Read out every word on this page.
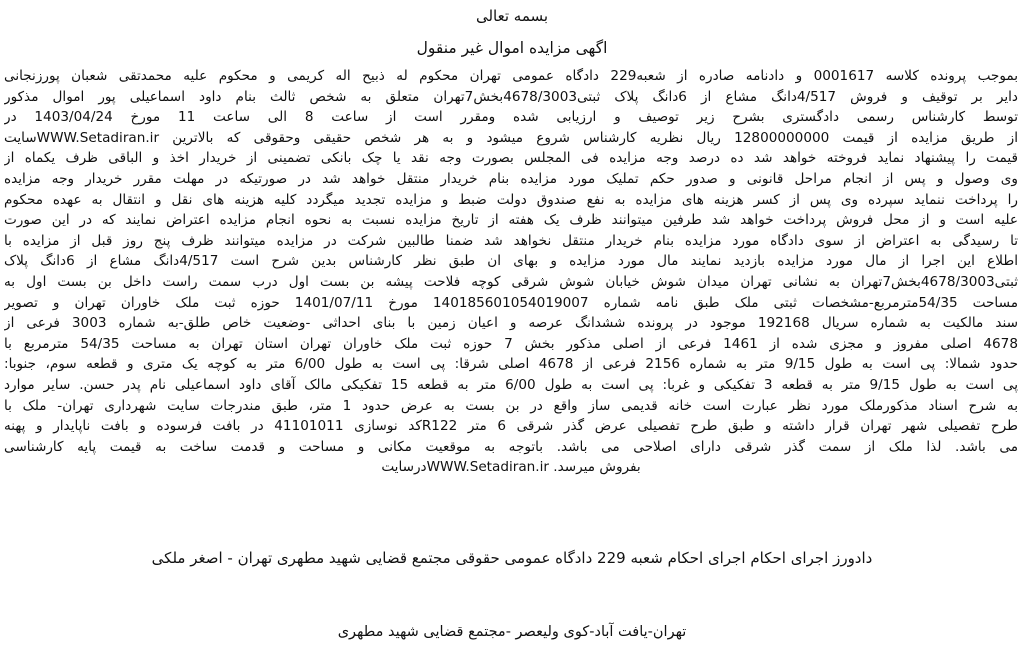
بسمه تعالی
اگهی مزایده اموال غیر منقول
بموجب پرونده کلاسه 0001617 و دادنامه صادره از شعبه229 دادگاه عمومی تهران محکوم له ذبیح اله کریمی و محکوم علیه محمدتقی شعبان پورزنجانی
دایر بر توقیف و فروش 4/517دانگ مشاع از 6دانگ پلاک ثبتی4678/3003بخش7تهران متعلق به شخص ثالث بنام داود اسماعیلی پور اموال مذکور
توسط کارشناس رسمی دادگستری بشرح زیر توصیف و ارزیابی شده ومقرر است از ساعت 8 الی ساعت 11 مورخ 1403/04/24 در
از طریق مزایده از قیمت 12800000000 ریال نظریه کارشناس شروع میشود و به هر شخص حقیقی وحقوقی که بالاترین WWW.Setadiran.irسایت
قیمت را پیشنهاد نماید فروخته خواهد شد ده درصد وجه مزایده فی المجلس بصورت وجه نقد یا چک بانکی تضمینی از خریدار اخذ و الباقی ظرف یکماه از
وی وصول و پس از انجام مراحل قانونی و صدور حکم تملیک مورد مزایده بنام خریدار منتقل خواهد شد در صورتیکه در مهلت مقرر خریدار وجه مزایده
را پرداخت ننماید سپرده وی پس از کسر هزینه های مزایده به نفع صندوق دولت ضبط و مزایده تجدید میگردد کلیه هزینه های نقل و انتقال به عهده محکوم
علیه است و از محل فروش پرداخت خواهد شد طرفین میتوانند ظرف یک هفته از تاریخ مزایده نسبت به نحوه انجام مزایده اعتراض نمایند که در این صورت
تا رسیدگی به اعتراض از سوی دادگاه مورد مزایده بنام خریدار منتقل نخواهد شد ضمنا طالبین شرکت در مزایده میتوانند ظرف پنج روز قبل از مزایده با
اطلاع این اجرا از مال مورد مزایده بازدید نمایند مال مورد مزایده و بهای ان طبق نظر کارشناس بدین شرح است 4/517دانگ مشاع از 6دانگ پلاک
ثبتی4678/3003بخش7تهران به نشانی تهران میدان شوش خیابان شوش شرقی کوچه فلاحت پیشه بن بست اول درب سمت راست داخل بن بست اول به
مساحت 54/35مترمربع-مشخصات ثبتی ملک طبق نامه شماره 140185601054019007 مورخ 1401/07/11 حوزه ثبت ملک خاوران تهران و تصویر
سند مالکیت به شماره سریال 192168 موجود در پرونده ششدانگ عرصه و اعیان زمین با بنای احداثی -وضعیت خاص طلق-به شماره 3003 فرعی از
4678 اصلی مفروز و مجزی شده از 1461 فرعی از اصلی مذکور بخش 7 حوزه ثبت ملک خاوران تهران استان تهران به مساحت 54/35 مترمربع با
حدود شمالا: پی است به طول 9/15 متر به شماره 2156 فرعی از 4678 اصلی شرقا: پی است به طول 6/00 متر به کوچه یک متری و قطعه سوم، جنوبا:
پی است به طول 9/15 متر به قطعه 3 تفکیکی و غربا: پی است به طول 6/00 متر به قطعه 15 تفکیکی مالک آقای داود اسماعیلی نام پدر حسن. سایر موارد
به شرح اسناد مذکورملک مورد نظر عبارت است خانه قدیمی ساز واقع در بن بست به عرض حدود 1 متر، طبق مندرجات سایت شهرداری تهران- ملک با
طرح تفصیلی شهر تهران قرار داشته و طبق طرح تفصیلی عرض گذر شرقی 6 متر R122کد نوسازی 41101011 در بافت فرسوده و بافت ناپایدار و پهنه
می باشد. لذا ملک از سمت گذر شرقی دارای اصلاحی می باشد. باتوجه به موقعیت مکانی و مساحت و قدمت ساخت به قیمت پایه کارشناسی
بفروش میرسد. WWW.Setadiran.irدرسایت
دادورز اجرای احکام اجرای احکام شعبه 229 دادگاه عمومی حقوقی مجتمع قضایی شهید مطهری تهران - اصغر ملکی
تهران-یافت آباد-کوی ولیعصر -مجتمع قضایی شهید مطهری
